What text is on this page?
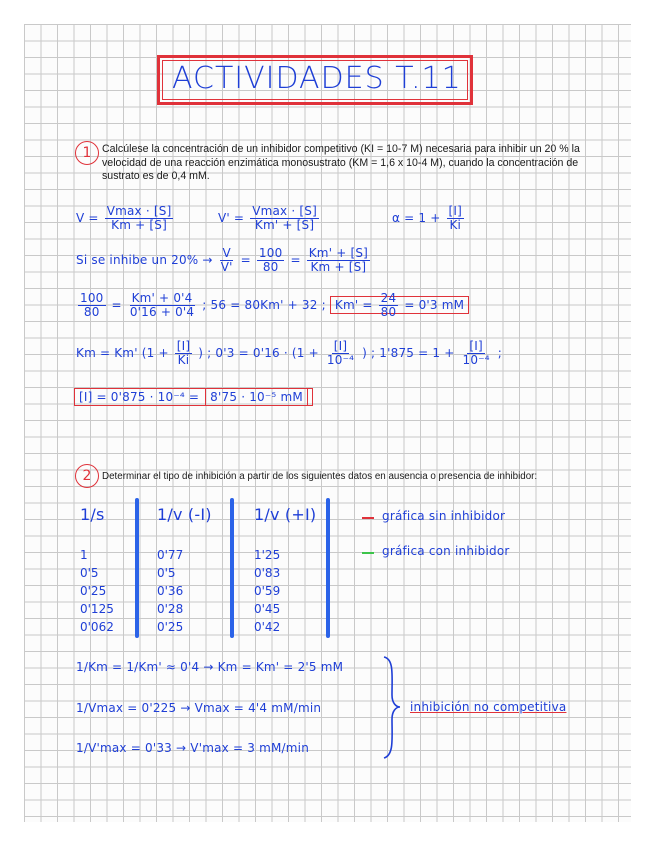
ACTIVIDADES T.11
1 Calcúlese la concentración de un inhibidor competitivo (KI = 10-7 M) necesaria para inhibir un 20 % la velocidad de una reacción enzimática monosustrato (KM = 1,6 x 10-4 M), cuando la concentración de sustrato es de 0,4 mM.
$V = \frac{Vmax \cdot [S]}{Km + [S]}$	$V' = \frac{Vmax \cdot [S]}{Km' + [S]}$	$\alpha = 1 + \frac{[I]}{Ki}$
Si se inhibe un $20\% \to \frac{V}{V'} = \frac{100}{80} = \frac{Km' + [S]}{Km + [S]}$
$\frac{100}{80} = \frac{Km' + 0'4}{0'16 + 0'4}$ ; 56 = 80Km' + 32 ; $Km' = \frac{24}{80} = 0'3$ mM
Km = Km' ($1 + \frac{[I]}{Ki}$ ) ; $0'3 = 0'16 \cdot (1 + \frac{[I]}{\text{10⁻⁴}}$ ) ; $1'875 = 1 + \frac{[I]}{\text{10⁻⁴}}$ ;
[I] = 0'875 · 10⁻⁴ = 8'75 · 10⁻⁵ mM
2	Determinar el tipo de inhibición a partir de los siguientes datos en ausencia o presencia de inhibidor:
1/s	1/v (-I)	1/v (+I)
1	0'77	1'25
0'5	0'5	0'83
0'25	0'36	0'59
0'125	0'28	0'45
0'062	0'25	0'42
gráfica sin inhibidor
gráfica con inhibidor
1/Km = 1/Km' ≈ 0'4 → Km = Km' = 2'5 mM
1/Vmax = 0'225 → Vmax = 4'4 mM/min
1/V'max = 0'33 → V'max = 3 mM/min
inhibición no competitiva
